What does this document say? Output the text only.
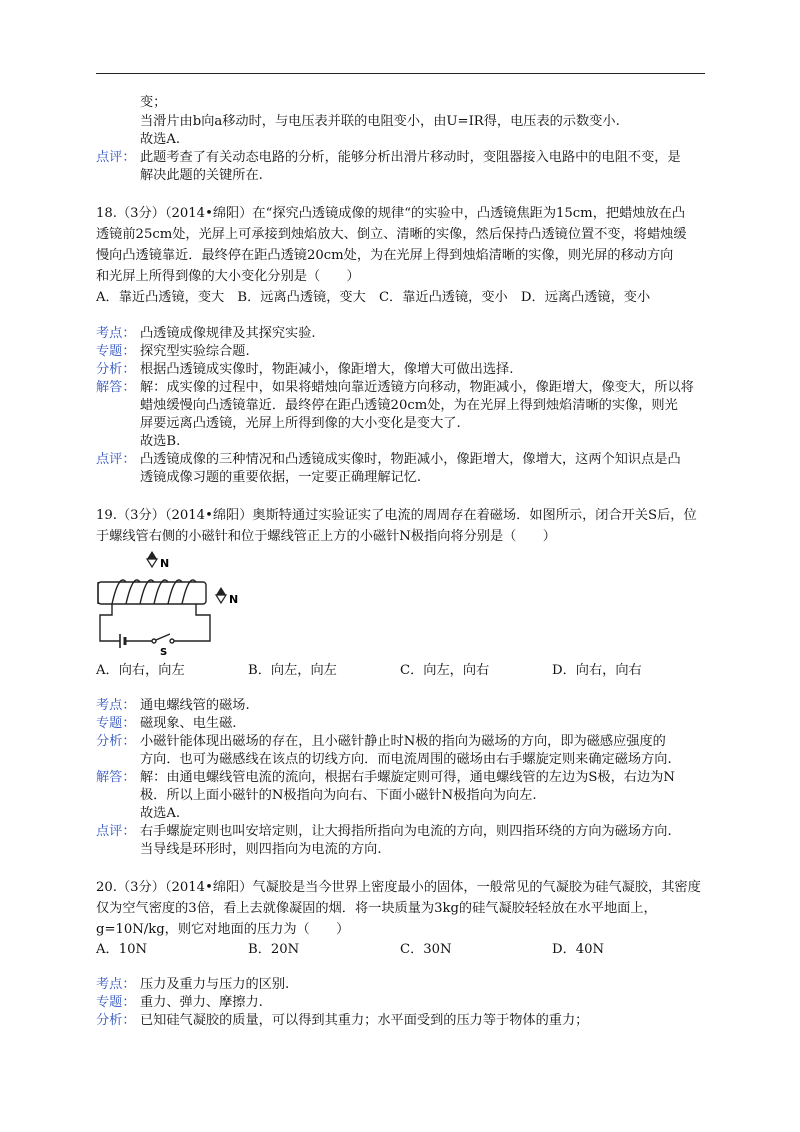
变；
当滑片由b向a移动时，与电压表并联的电阻变小，由U=IR得，电压表的示数变小.
故选A.
点评： 此题考查了有关动态电路的分析，能够分析出滑片移动时，变阻器接入电路中的电阻不变，是
解决此题的关键所在.
18.（3分）（2014•绵阳）在“探究凸透镜成像的规律“的实验中，凸透镜焦距为15cm，把蜡烛放在凸
透镜前25cm处，光屏上可承接到烛焰放大、倒立、清晰的实像，然后保持凸透镜位置不变，将蜡烛缓
慢向凸透镜靠近．最终停在距凸透镜20cm处，为在光屏上得到烛焰清晰的实像，则光屏的移动方向
和光屏上所得到像的大小变化分别是（　　）
A．靠近凸透镜，变大　B．远离凸透镜，变大　C．靠近凸透镜，变小　D．远离凸透镜，变小
考点： 凸透镜成像规律及其探究实验.
专题： 探究型实验综合题.
分析： 根据凸透镜成实像时，物距减小，像距增大，像增大可做出选择.
解答： 解：成实像的过程中，如果将蜡烛向靠近透镜方向移动，物距减小，像距增大，像变大，所以将
蜡烛缓慢向凸透镜靠近．最终停在距凸透镜20cm处，为在光屏上得到烛焰清晰的实像，则光
屏要远离凸透镜，光屏上所得到像的大小变化是变大了.
故选B.
点评： 凸透镜成像的三种情况和凸透镜成实像时，物距减小，像距增大，像增大，这两个知识点是凸
透镜成像习题的重要依据，一定要正确理解记忆.
19.（3分）（2014•绵阳）奥斯特通过实验证实了电流的周周存在着磁场．如图所示，闭合开关S后，位
于螺线管右侧的小磁针和位于螺线管正上方的小磁针N极指向将分别是（　　）
N
S
N
A．向右，向左	B．向左，向左	C．向左，向右	D．向右，向右
考点： 通电螺线管的磁场.
专题： 磁现象、电生磁.
分析： 小磁针能体现出磁场的存在，且小磁针静止时N极的指向为磁场的方向，即为磁感应强度的
方向．也可为磁感线在该点的切线方向．而电流周围的磁场由右手螺旋定则来确定磁场方向.
解答： 解：由通电螺线管电流的流向，根据右手螺旋定则可得，通电螺线管的左边为S极，右边为N
极．所以上面小磁针的N极指向为向右、下面小磁针N极指向为向左.
故选A.
点评： 右手螺旋定则也叫安培定则，让大拇指所指向为电流的方向，则四指环绕的方向为磁场方向.
当导线是环形时，则四指向为电流的方向.
20.（3分）（2014•绵阳）气凝胶是当今世界上密度最小的固体，一般常见的气凝胶为硅气凝胶，其密度
仅为空气密度的3倍，看上去就像凝固的烟．将一块质量为3kg的硅气凝胶轻轻放在水平地面上，
g=10N/kg，则它对地面的压力为（　　）
A．10N	B．20N	C．30N	D．40N
考点： 压力及重力与压力的区别.
专题： 重力、弹力、摩擦力.
分析： 已知硅气凝胶的质量，可以得到其重力；水平面受到的压力等于物体的重力；
